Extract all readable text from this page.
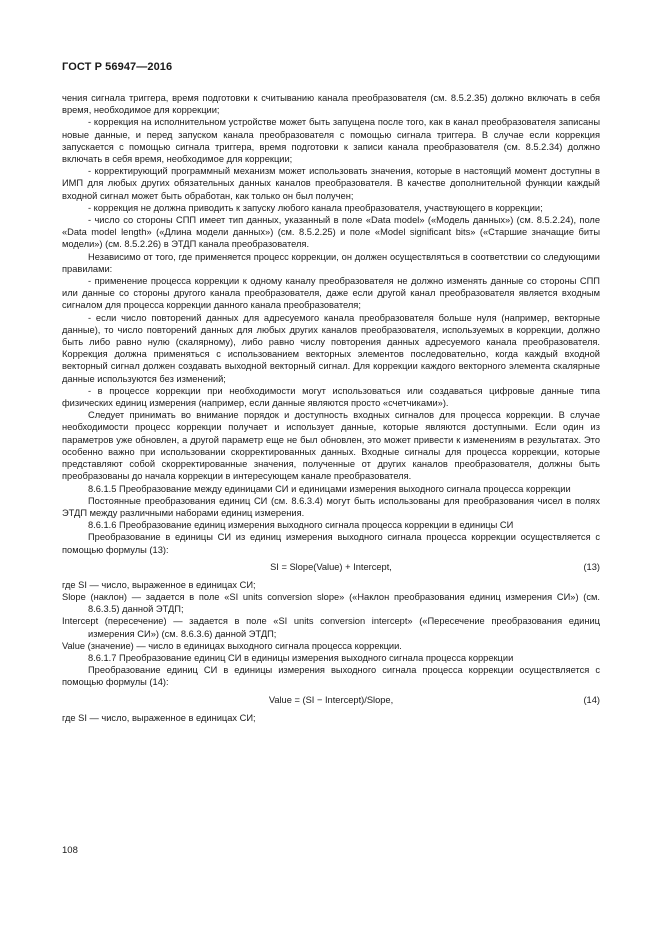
ГОСТ Р 56947—2016

чения сигнала триггера, время подготовки к считыванию канала преобразователя (см. 8.5.2.35) должно включать в себя время, необходимое для коррекции;

- коррекция на исполнительном устройстве может быть запущена после того, как в канал преобразователя записаны новые данные, и перед запуском канала преобразователя с помощью сигнала триггера. В случае если коррекция запускается с помощью сигнала триггера, время подготовки к записи канала преобразователя (см. 8.5.2.34) должно включать в себя время, необходимое для коррекции;

- корректирующий программный механизм может использовать значения, которые в настоящий момент доступны в ИМП для любых других обязательных данных каналов преобразователя. В качестве дополнительной функции каждый входной сигнал может быть обработан, как только он был получен;

- коррекция не должна приводить к запуску любого канала преобразователя, участвующего в коррекции;

- число со стороны СПП имеет тип данных, указанный в поле «Data model» («Модель данных») (см. 8.5.2.24), поле «Data model length» («Длина модели данных») (см. 8.5.2.25) и поле «Model significant bits» («Старшие значащие биты модели») (см. 8.5.2.26) в ЭТДП канала преобразователя.

Независимо от того, где применяется процесс коррекции, он должен осуществляться в соответствии со следующими правилами:

- применение процесса коррекции к одному каналу преобразователя не должно изменять данные со стороны СПП или данные со стороны другого канала преобразователя, даже если другой канал преобразователя является входным сигналом для процесса коррекции данного канала преобразователя;

- если число повторений данных для адресуемого канала преобразователя больше нуля (например, векторные данные), то число повторений данных для любых других каналов преобразователя, используемых в коррекции, должно быть либо равно нулю (скалярному), либо равно числу повторения данных адресуемого канала преобразователя. Коррекция должна применяться с использованием векторных элементов последовательно, когда каждый входной векторный сигнал должен создавать выходной векторный сигнал. Для коррекции каждого векторного элемента скалярные данные используются без изменений;

- в процессе коррекции при необходимости могут использоваться или создаваться цифровые данные типа физических единиц измерения (например, если данные являются просто «счетчиками»).

Следует принимать во внимание порядок и доступность входных сигналов для процесса коррекции. В случае необходимости процесс коррекции получает и использует данные, которые являются доступными. Если один из параметров уже обновлен, а другой параметр еще не был обновлен, это может привести к изменениям в результатах. Это особенно важно при использовании скорректированных данных. Входные сигналы для процесса коррекции, которые представляют собой скорректированные значения, полученные от других каналов преобразователя, должны быть преобразованы до начала коррекции в интересующем канале преобразователя.

8.6.1.5 Преобразование между единицами СИ и единицами измерения выходного сигнала процесса коррекции

Постоянные преобразования единиц СИ (см. 8.6.3.4) могут быть использованы для преобразования чисел в полях ЭТДП между различными наборами единиц измерения.

8.6.1.6 Преобразование единиц измерения выходного сигнала процесса коррекции в единицы СИ

Преобразование в единицы СИ из единиц измерения выходного сигнала процесса коррекции осуществляется с помощью формулы (13):

SI = Slope(Value) + Intercept,	(13)

где SI — число, выраженное в единицах СИ;

Slope (наклон) — задается в поле «SI units conversion slope» («Наклон преобразования единиц измерения СИ») (см. 8.6.3.5) данной ЭТДП;

Intercept (пересечение) — задается в поле «SI units conversion intercept» («Пересечение преобразования единиц измерения СИ») (см. 8.6.3.6) данной ЭТДП;

Value (значение) — число в единицах выходного сигнала процесса коррекции.

8.6.1.7 Преобразование единиц СИ в единицы измерения выходного сигнала процесса коррекции

Преобразование единиц СИ в единицы измерения выходного сигнала процесса коррекции осуществляется с помощью формулы (14):

Value = (SI − Intercept)/Slope,	(14)

где SI — число, выраженное в единицах СИ;

108
